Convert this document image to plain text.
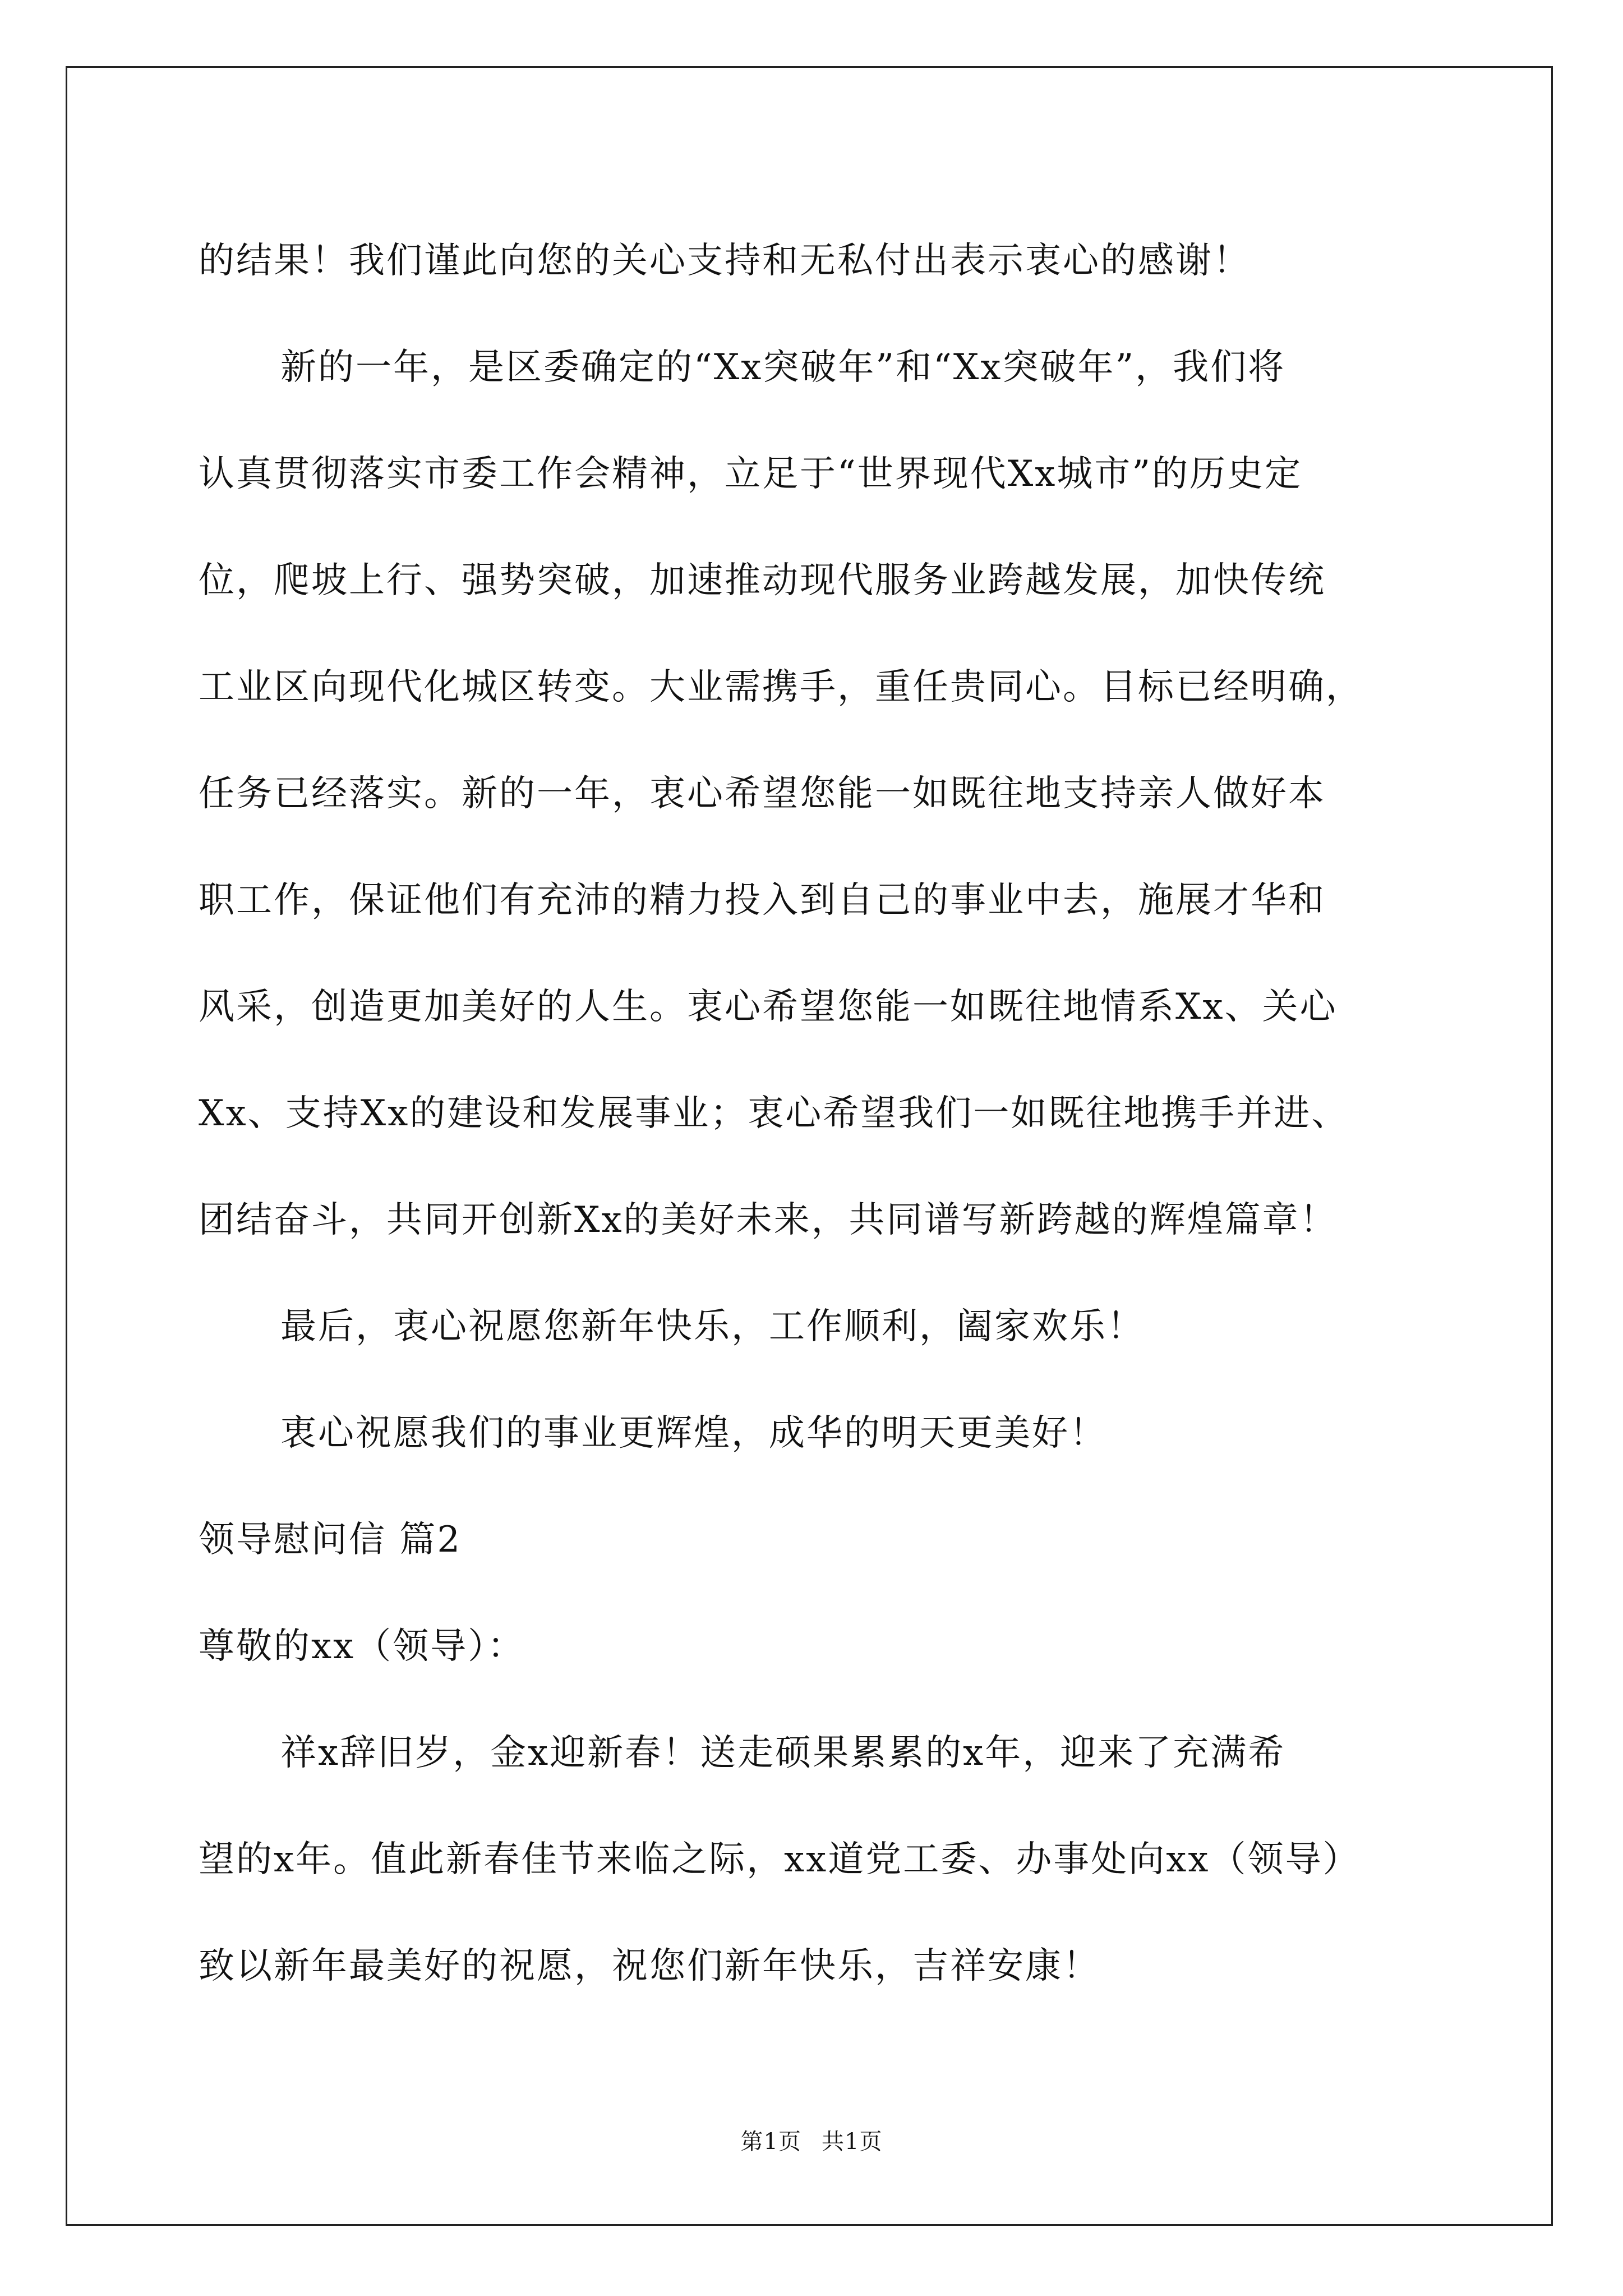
的结果！我们谨此向您的关心支持和无私付出表示衷心的感谢！
新的一年，是区委确定的“Xx突破年”和“Xx突破年”，我们将
认真贯彻落实市委工作会精神，立足于“世界现代Xx城市”的历史定
位，爬坡上行、强势突破，加速推动现代服务业跨越发展，加快传统
工业区向现代化城区转变。大业需携手，重任贵同心。目标已经明确，
任务已经落实。新的一年，衷心希望您能一如既往地支持亲人做好本
职工作，保证他们有充沛的精力投入到自己的事业中去，施展才华和
风采，创造更加美好的人生。衷心希望您能一如既往地情系Xx、关心
Xx、支持Xx的建设和发展事业；衷心希望我们一如既往地携手并进、
团结奋斗，共同开创新Xx的美好未来，共同谱写新跨越的辉煌篇章！
最后，衷心祝愿您新年快乐，工作顺利，阖家欢乐！
衷心祝愿我们的事业更辉煌，成华的明天更美好！
领导慰问信 篇2
尊敬的xx（领导）：
祥x辞旧岁，金x迎新春！送走硕果累累的x年，迎来了充满希
望的x年。值此新春佳节来临之际，xx道党工委、办事处向xx（领导）
致以新年最美好的祝愿，祝您们新年快乐，吉祥安康！
第1页 共1页
